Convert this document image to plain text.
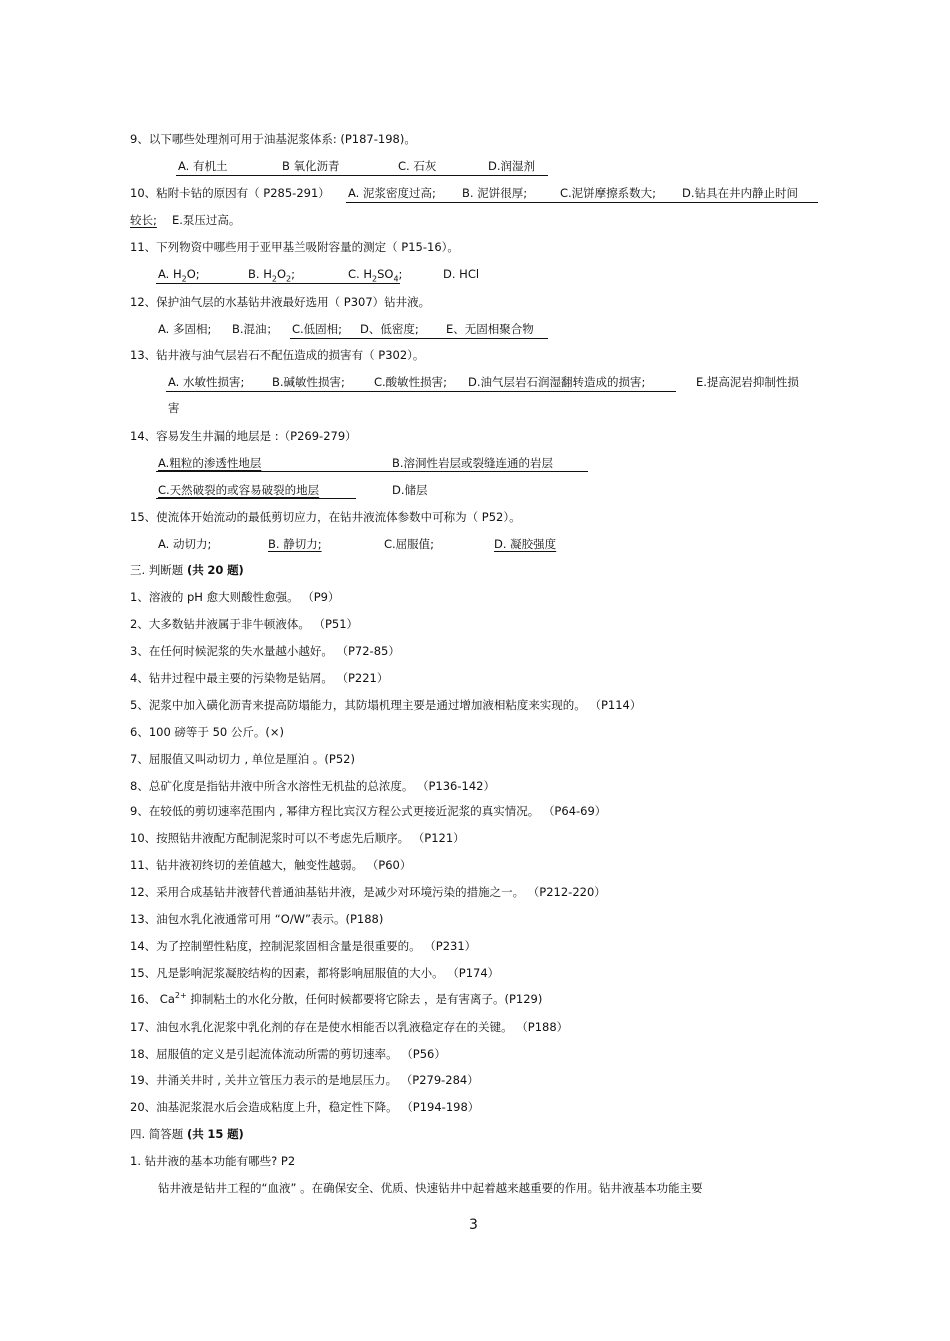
9、以下哪些处理剂可用于油基泥浆体系: (P187-198)。
A. 有机土	B 氧化沥青	C. 石灰	D.润湿剂
10、粘附卡钻的原因有（ P285-291） A. 泥浆密度过高; B. 泥饼很厚;	C.泥饼摩擦系数大; D.钻具在井内静止时间
较长; E.泵压过高。
11、下列物资中哪些用于亚甲基兰吸附容量的测定（ P15-16）。
A. $H_2O$;	B. $H_2O_2$;	C. $H_2SO_4$;	D. HCl
12、保护油气层的水基钻井液最好选用（ P307）钻井液。
A. 多固相; B.混油； C.低固相; D、低密度; E、无固相聚合物
13、钻井液与油气层岩石不配伍造成的损害有（ P302）。
A. 水敏性损害; B.碱敏性损害;	C.酸敏性损害; D.油气层岩石润湿翻转造成的损害;	E.提高泥岩抑制性损
害
14、容易发生井漏的地层是 :（P269-279）
A.粗粒的渗透性地层	B.溶洞性岩层或裂缝连通的岩层
C.天然破裂的或容易破裂的地层	D.储层
15、使流体开始流动的最低剪切应力，在钻井液流体参数中可称为（ P52）。
A. 动切力;	B. 静切力;	C.屈服值;	D. 凝胶强度
三. 判断题 (共 20 题)
1、溶液的 pH 愈大则酸性愈强。 （P9）
2、大多数钻井液属于非牛顿液体。 （P51）
3、在任何时候泥浆的失水量越小越好。 （P72-85）
4、钻井过程中最主要的污染物是钻屑。 （P221）
5、泥浆中加入磺化沥青来提高防塌能力，其防塌机理主要是通过增加液相粘度来实现的。 （P114）
6、100 磅等于 50 公斤。(×)
7、屈服值又叫动切力 , 单位是厘泊 。(P52)
8、总矿化度是指钻井液中所含水溶性无机盐的总浓度。 （P136-142）
9、在较低的剪切速率范围内 , 幂律方程比宾汉方程公式更接近泥浆的真实情况。 （P64-69）
10、按照钻井液配方配制泥浆时可以不考虑先后顺序。 （P121）
11、钻井液初终切的差值越大，触变性越弱。 （P60）
12、采用合成基钻井液替代普通油基钻井液，是减少对环境污染的措施之一。 （P212-220）
13、油包水乳化液通常可用 “O/W”表示。(P188)
14、为了控制塑性粘度，控制泥浆固相含量是很重要的。 （P231）
15、凡是影响泥浆凝胶结构的因素，都将影响屈服值的大小。 （P174）
16、 $Ca^{2+}$ 抑制粘土的水化分散，任何时候都要将它除去 ，是有害离子。(P129)
17、油包水乳化泥浆中乳化剂的存在是使水相能否以乳液稳定存在的关键。 （P188）
18、屈服值的定义是引起流体流动所需的剪切速率。 （P56）
19、井涌关井时 , 关井立管压力表示的是地层压力。 （P279-284）
20、油基泥浆混水后会造成粘度上升，稳定性下降。 （P194-198）
四. 简答题 (共 15 题)
1. 钻井液的基本功能有哪些? P2
钻井液是钻井工程的“血液” 。在确保安全、优质、快速钻井中起着越来越重要的作用。钻井液基本功能主要
3
